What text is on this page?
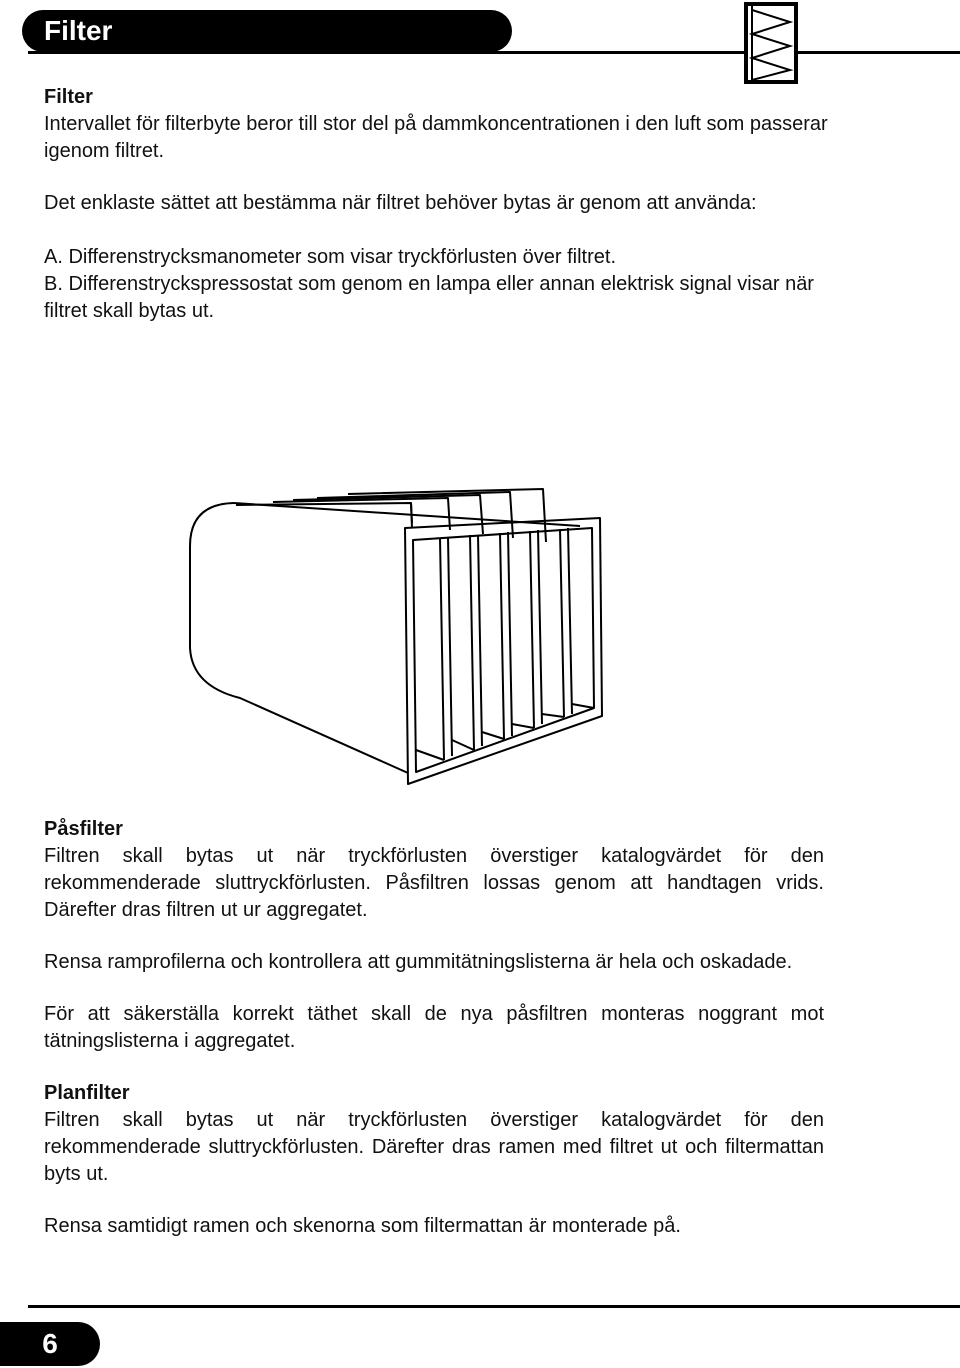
Filter

Filter

Intervallet för filterbyte beror till stor del på dammkoncentrationen i den luft som passerar igenom filtret.

Det enklaste sättet att bestämma när filtret behöver bytas är genom att använda:

A. Differenstrycksmanometer som visar tryckförlusten över filtret.

B. Differenstryckspressostat som genom en lampa eller annan elektrisk signal visar när filtret skall bytas ut.

Påsfilter

Filtren skall bytas ut när tryckförlusten överstiger katalogvärdet för den rekommenderade sluttryckförlusten. Påsfiltren lossas genom att handtagen vrids. Därefter dras filtren ut ur aggregatet.

Rensa ramprofilerna och kontrollera att gummitätningslisterna är hela och oskadade.

För att säkerställa korrekt täthet skall de nya påsfiltren monteras noggrant mot tätningslisterna i aggregatet.

Planfilter

Filtren skall bytas ut när tryckförlusten överstiger katalogvärdet för den rekommenderade sluttryckförlusten. Därefter dras ramen med filtret ut och filtermattan byts ut.

Rensa samtidigt ramen och skenorna som filtermattan är monterade på.

6
